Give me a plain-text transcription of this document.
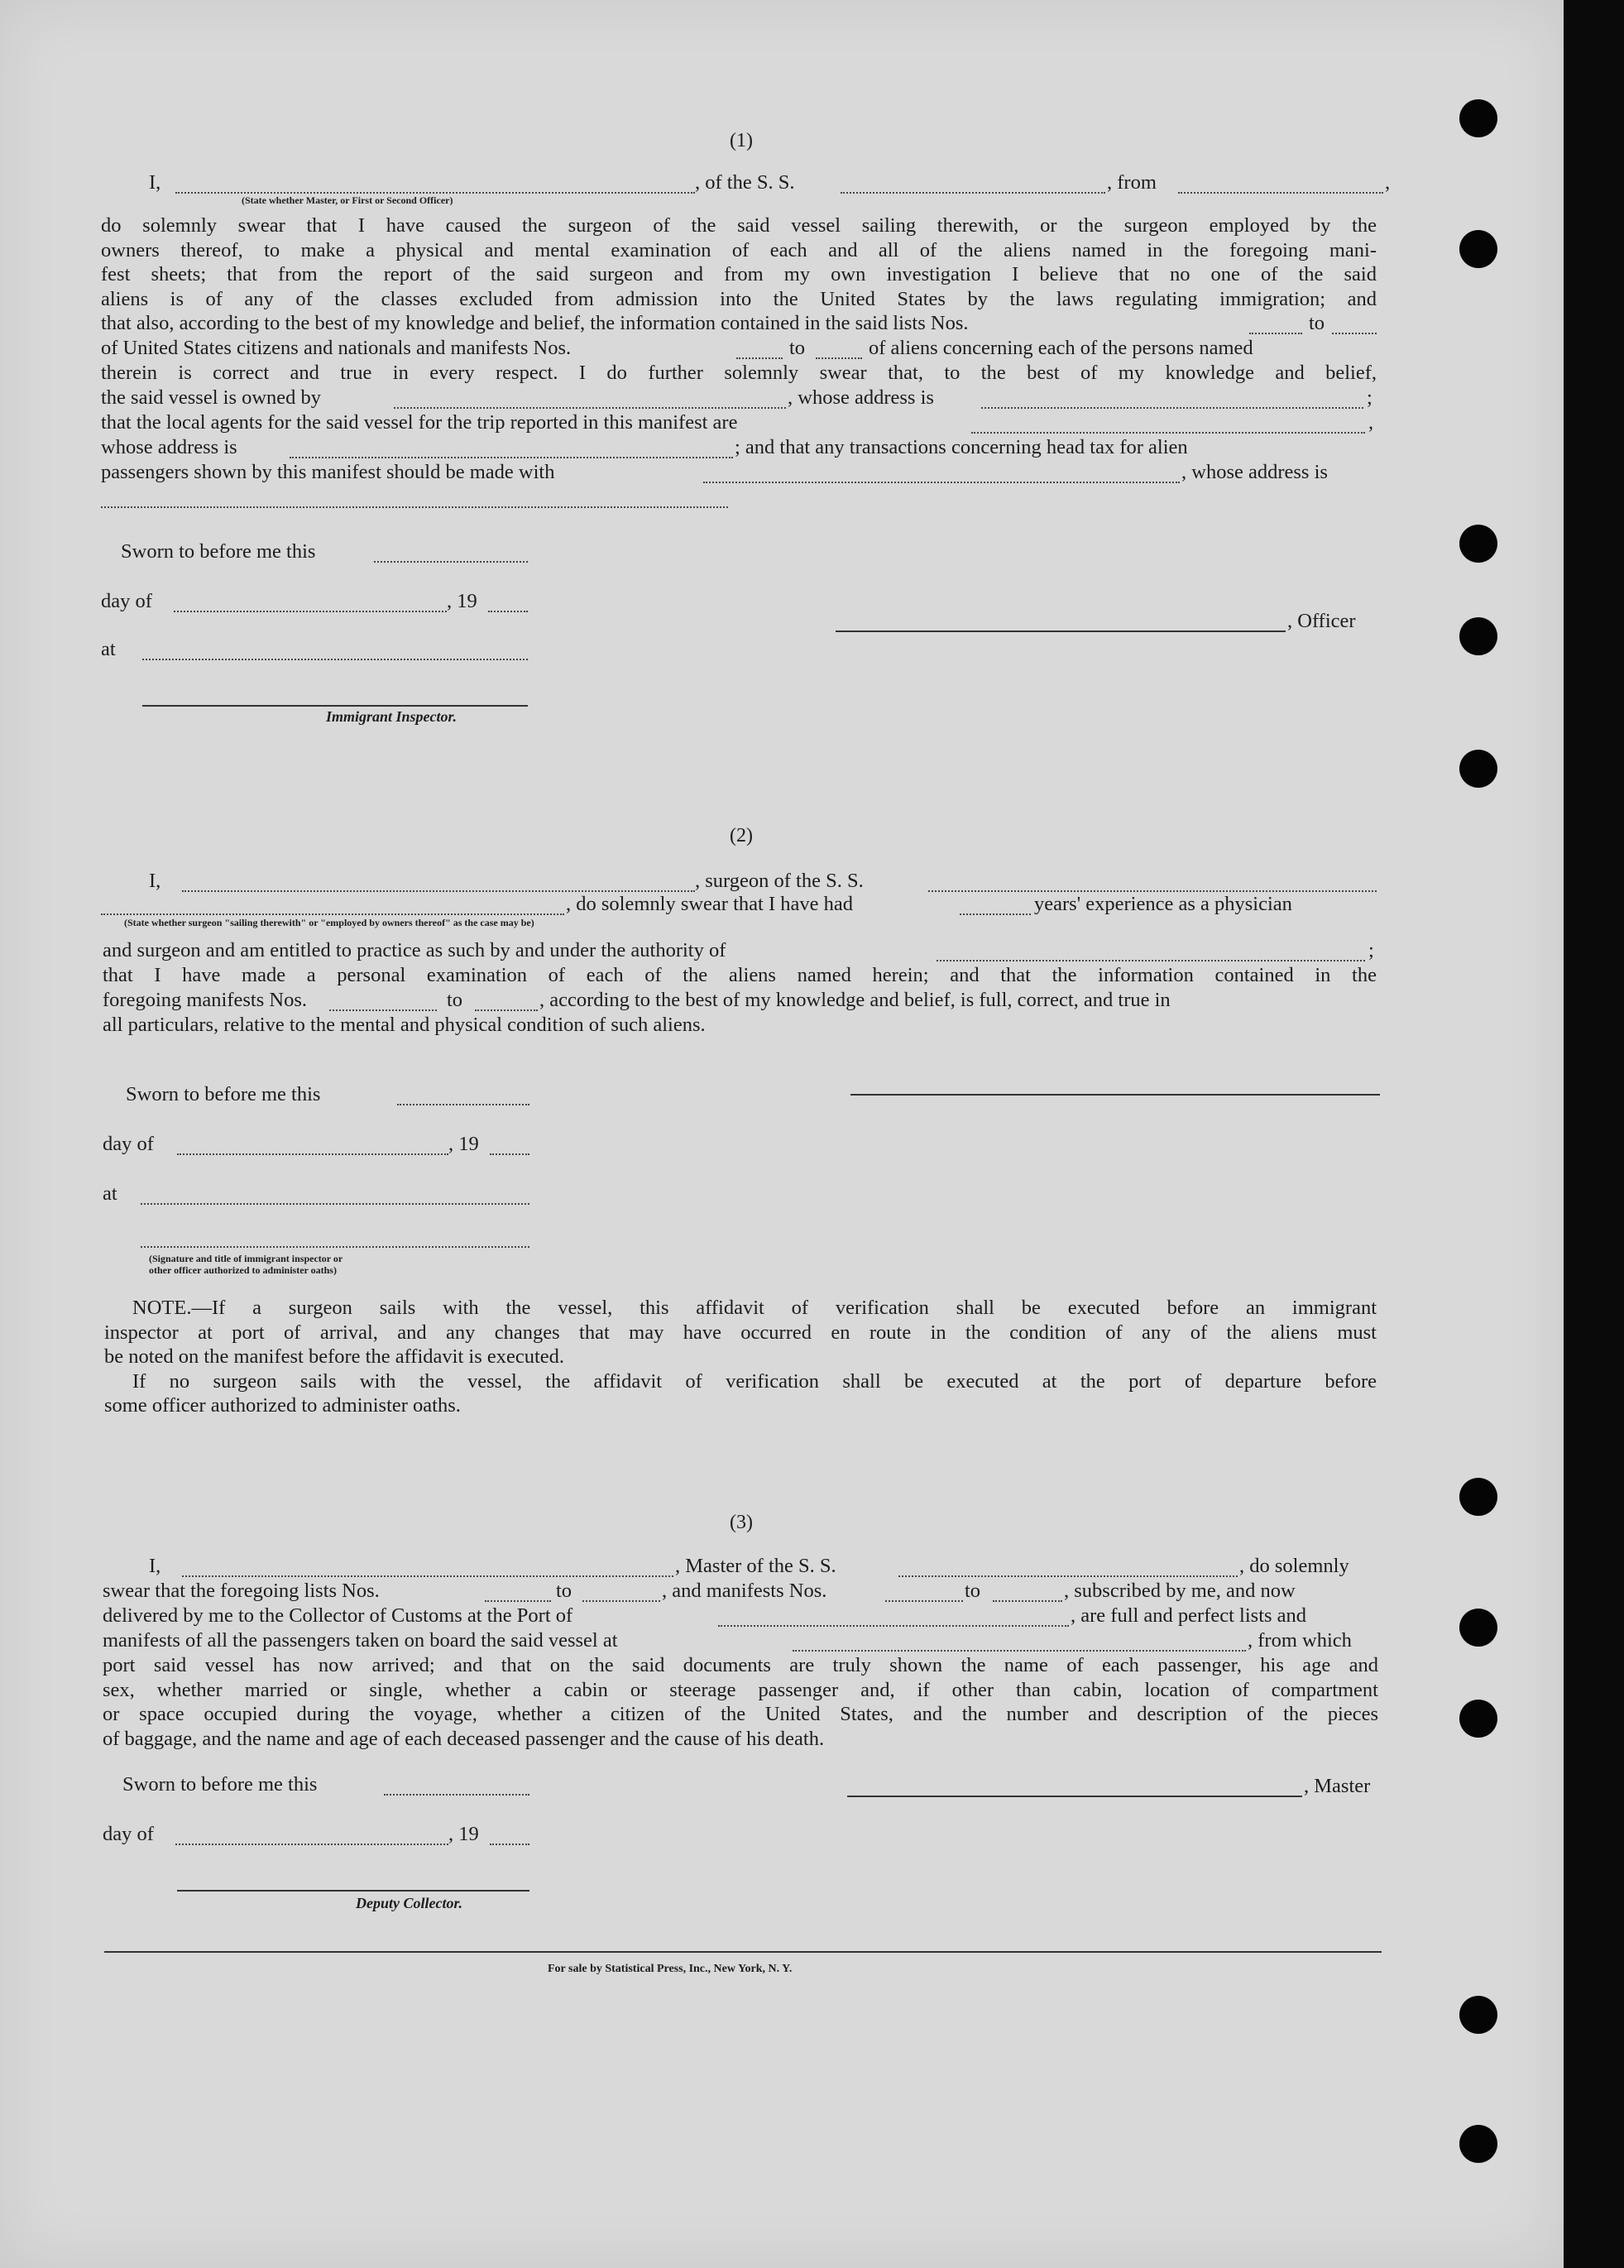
(1)
I,
(State whether Master, or First or Second Officer)
, of the S. S.	, from	,
do solemnly swear that I have caused the surgeon of the said vessel sailing therewith, or the surgeon employed by the
owners thereof, to make a physical and mental examination of each and all of the aliens named in the foregoing mani-
fest sheets; that from the report of the said surgeon and from my own investigation I believe that no one of the said
aliens is of any of the classes excluded from admission into the United States by the laws regulating immigration; and
that also, according to the best of my knowledge and belief, the information contained in the said lists Nos.	to
of United States citizens and nationals and manifests Nos.	to	of aliens concerning each of the persons named
therein is correct and true in every respect. I do further solemnly swear that, to the best of my knowledge and belief,
the said vessel is owned by	, whose address is	;
that the local agents for the said vessel for the trip reported in this manifest are	,
whose address is	; and that any transactions concerning head tax for alien
passengers shown by this manifest should be made with	, whose address is
Sworn to before me this
day of	, 19
at
Immigrant Inspector.
, Officer
(2)
I,	, surgeon of the S. S.
, do solemnly swear that I have had	years' experience as a physician
(State whether surgeon "sailing therewith" or "employed by owners thereof" as the case may be)
and surgeon and am entitled to practice as such by and under the authority of	;
that I have made a personal examination of each of the aliens named herein; and that the information contained in the
foregoing manifests Nos.	to	, according to the best of my knowledge and belief, is full, correct, and true in
all particulars, relative to the mental and physical condition of such aliens.
Sworn to before me this
day of	, 19
at
(Signature and title of immigrant inspector or
other officer authorized to administer oaths)
NOTE.—If a surgeon sails with the vessel, this affidavit of verification shall be executed before an immigrant
inspector at port of arrival, and any changes that may have occurred en route in the condition of any of the aliens must
be noted on the manifest before the affidavit is executed.
If no surgeon sails with the vessel, the affidavit of verification shall be executed at the port of departure before
some officer authorized to administer oaths.
(3)
I,	, Master of the S. S.	, do solemnly
swear that the foregoing lists Nos.	to	, and manifests Nos.	to	, subscribed by me, and now
delivered by me to the Collector of Customs at the Port of	, are full and perfect lists and
manifests of all the passengers taken on board the said vessel at	, from which
port said vessel has now arrived; and that on the said documents are truly shown the name of each passenger, his age and
sex, whether married or single, whether a cabin or steerage passenger and, if other than cabin, location of compartment
or space occupied during the voyage, whether a citizen of the United States, and the number and description of the pieces
of baggage, and the name and age of each deceased passenger and the cause of his death.
Sworn to before me this
day of	, 19
Deputy Collector.
, Master
For sale by Statistical Press, Inc., New York, N. Y.
